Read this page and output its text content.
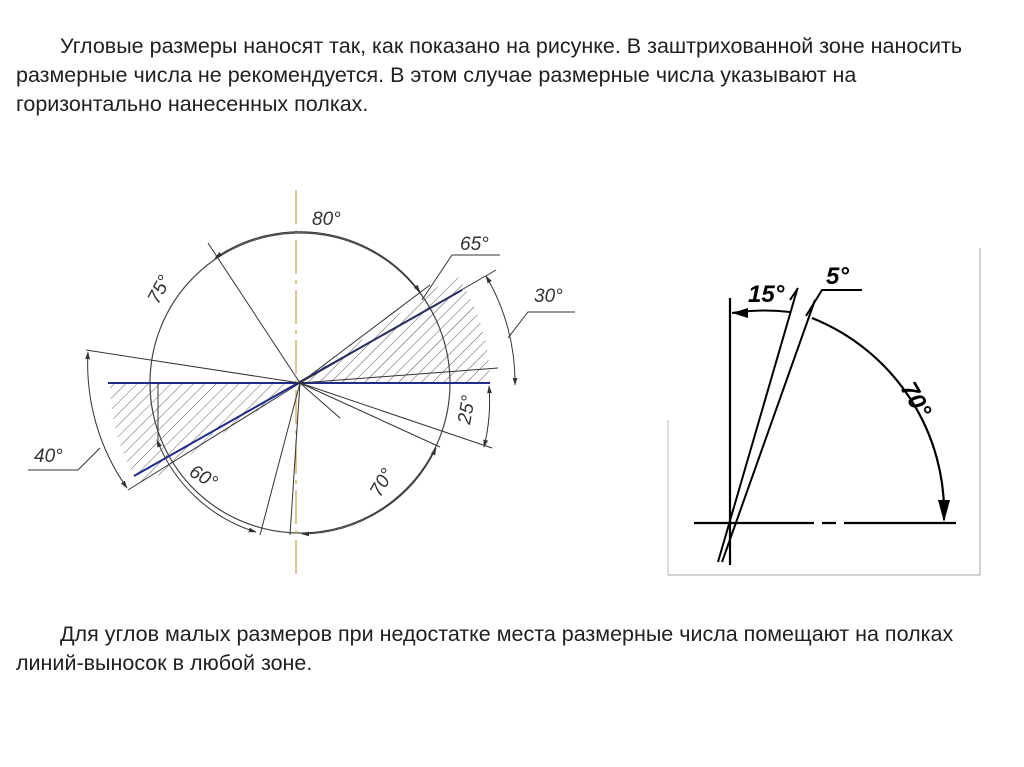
Угловые размеры наносят так, как показано на рисунке. В заштрихованной зоне наносить размерные числа не рекомендуется. В этом случае размерные числа указывают на горизонтально нанесенных полках.

80°
65°
30°
40°
75°
25°
60°	70°
15°
5°
70°

Для углов малых размеров при недостатке места размерные числа помещают на полках линий-выносок в любой зоне.
